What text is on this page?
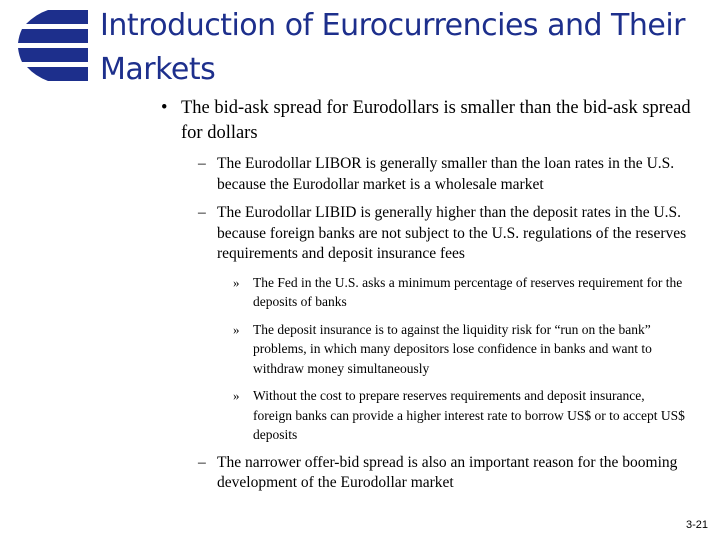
Introduction of Eurocurrencies and Their Markets
• The bid-ask spread for Eurodollars is smaller than the bid-ask spread for dollars
– The Eurodollar LIBOR is generally smaller than the loan rates in the U.S. because the Eurodollar market is a wholesale market
– The Eurodollar LIBID is generally higher than the deposit rates in the U.S. because foreign banks are not subject to the U.S. regulations of the reserves requirements and deposit insurance fees
» The Fed in the U.S. asks a minimum percentage of reserves requirement for the deposits of banks
» The deposit insurance is to against the liquidity risk for “run on the bank” problems, in which many depositors lose confidence in banks and want to withdraw money simultaneously
» Without the cost to prepare reserves requirements and deposit insurance, foreign banks can provide a higher interest rate to borrow US$ or to accept US$ deposits
– The narrower offer-bid spread is also an important reason for the booming development of the Eurodollar market
3-21
